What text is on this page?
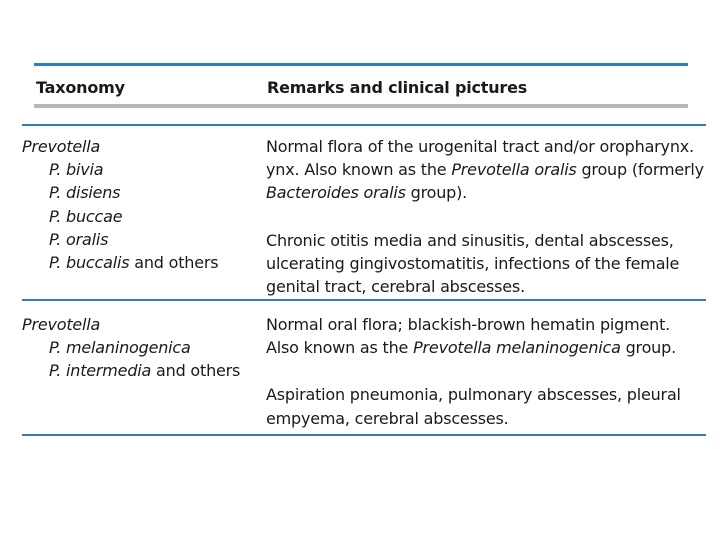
Taxonomy	Remarks and clinical pictures
Prevotella
P. bivia
P. disiens
P. buccae
P. oralis
P. buccalis and others
Normal flora of the urogenital tract and/or oropharynx.
ynx. Also known as the Prevotella oralis group (formerly
Bacteroides oralis group).
Chronic otitis media and sinusitis, dental abscesses,
ulcerating gingivostomatitis, infections of the female
genital tract, cerebral abscesses.
Prevotella
P. melaninogenica
P. intermedia and others
Normal oral flora; blackish-brown hematin pigment.
Also known as the Prevotella melaninogenica group.
Aspiration pneumonia, pulmonary abscesses, pleural
empyema, cerebral abscesses.
